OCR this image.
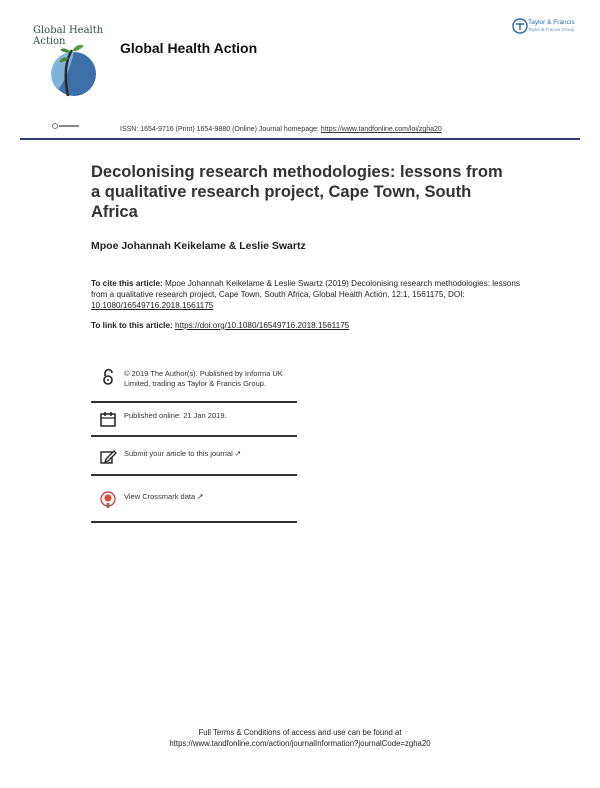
Global Health
Action	Global Health Action
Taylor & Francis
Taylor & Francis Group
ISSN: 1654-9716 (Print) 1654-9880 (Online) Journal homepage: https://www.tandfonline.com/loi/zgha20
Decolonising research methodologies: lessons from a qualitative research project, Cape Town, South Africa
Mpoe Johannah Keikelame & Leslie Swartz
To cite this article: Mpoe Johannah Keikelame & Leslie Swartz (2019) Decolonising research methodologies: lessons from a qualitative research project, Cape Town, South Africa, Global Health Action, 12:1, 1561175, DOI: 10.1080/16549716.2018.1561175
To link to this article: https://doi.org/10.1080/16549716.2018.1561175
© 2019 The Author(s). Published by Informa UK Limited, trading as Taylor & Francis Group.
Published online: 21 Jan 2019.
Submit your article to this journal ↗
View Crossmark data ↗
Full Terms & Conditions of access and use can be found at
https://www.tandfonline.com/action/journalInformation?journalCode=zgha20
